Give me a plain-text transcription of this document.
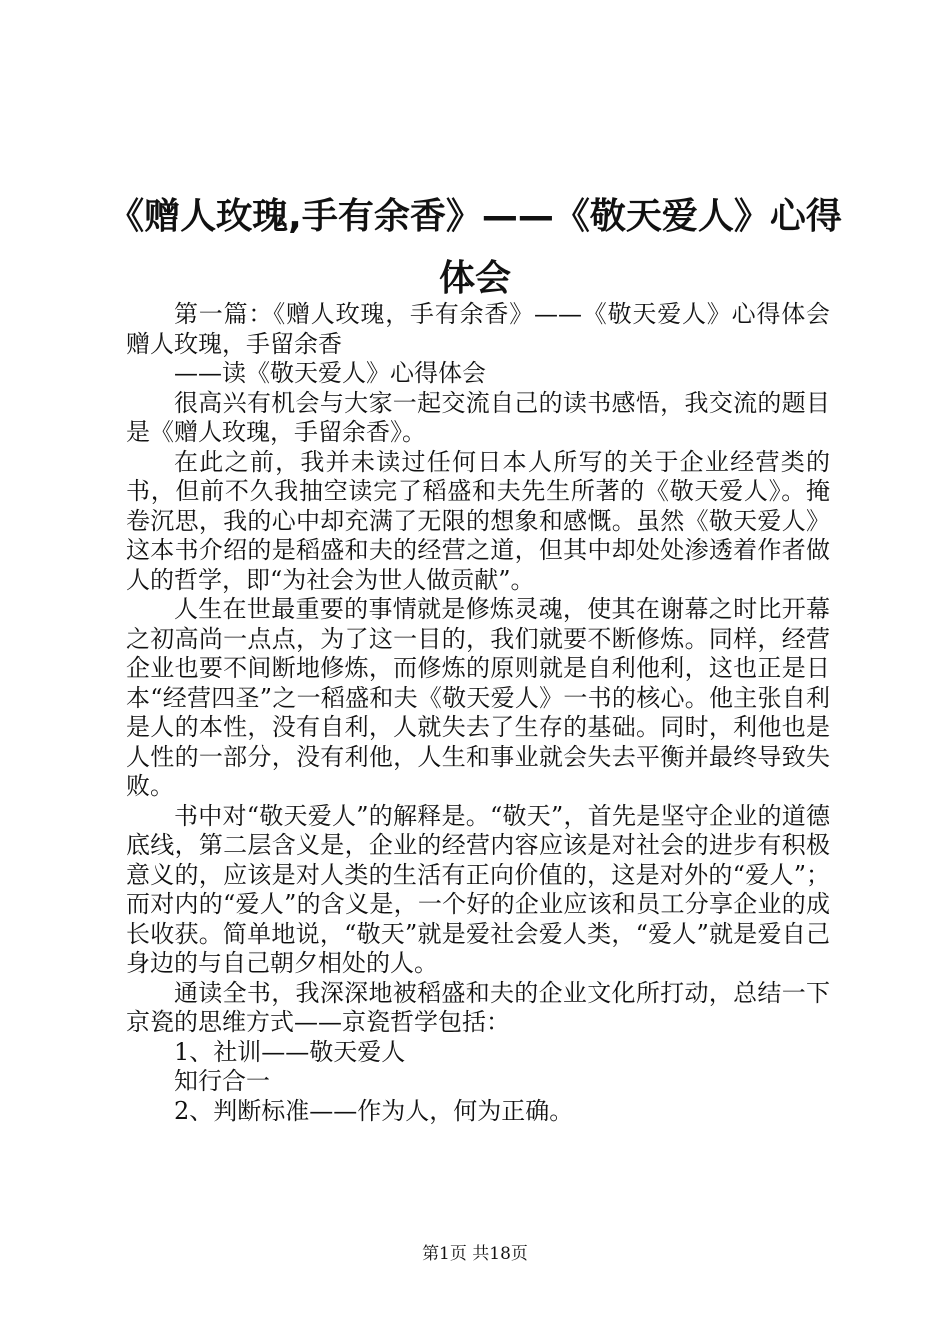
《赠人玫瑰,手有余香》——《敬天爱人》心得体会

第一篇：《赠人玫瑰，手有余香》——《敬天爱人》心得体会赠人玫瑰，手留余香

——读《敬天爱人》心得体会

很高兴有机会与大家一起交流自己的读书感悟，我交流的题目是《赠人玫瑰，手留余香》。

在此之前，我并未读过任何日本人所写的关于企业经营类的书，但前不久我抽空读完了稻盛和夫先生所著的《敬天爱人》。掩卷沉思，我的心中却充满了无限的想象和感慨。虽然《敬天爱人》这本书介绍的是稻盛和夫的经营之道，但其中却处处渗透着作者做人的哲学，即“为社会为世人做贡献”。

人生在世最重要的事情就是修炼灵魂，使其在谢幕之时比开幕之初高尚一点点，为了这一目的，我们就要不断修炼。同样，经营企业也要不间断地修炼，而修炼的原则就是自利他利，这也正是日本“经营四圣”之一稻盛和夫《敬天爱人》一书的核心。他主张自利是人的本性，没有自利，人就失去了生存的基础。同时，利他也是人性的一部分，没有利他，人生和事业就会失去平衡并最终导致失败。

书中对“敬天爱人”的解释是。“敬天”，首先是坚守企业的道德底线，第二层含义是，企业的经营内容应该是对社会的进步有积极意义的，应该是对人类的生活有正向价值的，这是对外的“爱人”；而对内的“爱人”的含义是，一个好的企业应该和员工分享企业的成长收获。简单地说，“敬天”就是爱社会爱人类，“爱人”就是爱自己身边的与自己朝夕相处的人。

通读全书，我深深地被稻盛和夫的企业文化所打动，总结一下京瓷的思维方式——京瓷哲学包括：

1、社训——敬天爱人

知行合一

2、判断标准——作为人，何为正确。

第1页 共18页
